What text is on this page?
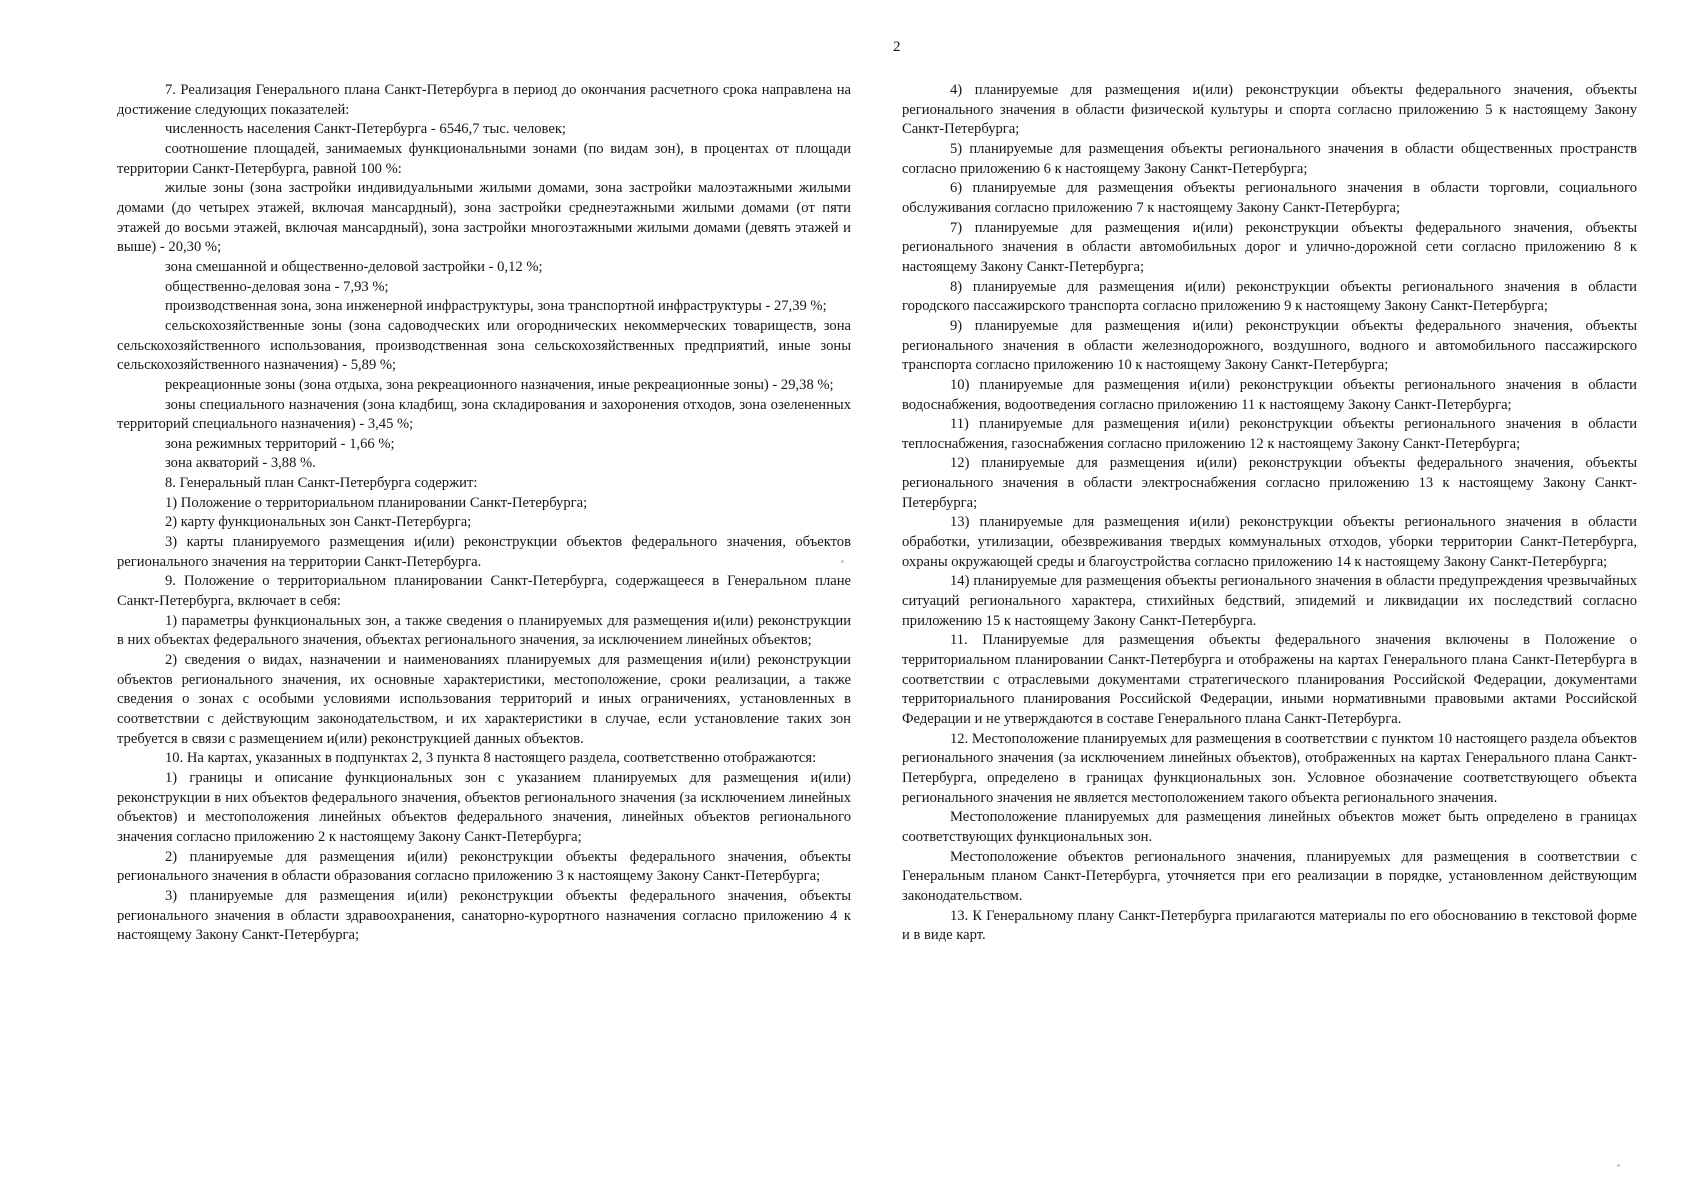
2

7. Реализация Генерального плана Санкт-Петербурга в период до окончания расчетного срока направлена на достижение следующих показателей:

численность населения Санкт-Петербурга - 6546,7 тыс. человек;

соотношение площадей, занимаемых функциональными зонами (по видам зон), в процентах от площади территории Санкт-Петербурга, равной 100 %:

жилые зоны (зона застройки индивидуальными жилыми домами, зона застройки малоэтажными жилыми домами (до четырех этажей, включая мансардный), зона застройки среднеэтажными жилыми домами (от пяти этажей до восьми этажей, включая мансардный), зона застройки многоэтажными жилыми домами (девять этажей и выше) - 20,30 %;

зона смешанной и общественно-деловой застройки - 0,12 %;

общественно-деловая зона - 7,93 %;

производственная зона, зона инженерной инфраструктуры, зона транспортной инфраструктуры - 27,39 %;

сельскохозяйственные зоны (зона садоводческих или огороднических некоммерческих товариществ, зона сельскохозяйственного использования, производственная зона сельскохозяйственных предприятий, иные зоны сельскохозяйственного назначения) - 5,89 %;

рекреационные зоны (зона отдыха, зона рекреационного назначения, иные рекреационные зоны) - 29,38 %;

зоны специального назначения (зона кладбищ, зона складирования и захоронения отходов, зона озелененных территорий специального назначения) - 3,45 %;

зона режимных территорий - 1,66 %;

зона акваторий - 3,88 %.

8. Генеральный план Санкт-Петербурга содержит:

1) Положение о территориальном планировании Санкт-Петербурга;

2) карту функциональных зон Санкт-Петербурга;

3) карты планируемого размещения и(или) реконструкции объектов федерального значения, объектов регионального значения на территории Санкт-Петербурга.

9. Положение о территориальном планировании Санкт-Петербурга, содержащееся в Генеральном плане Санкт-Петербурга, включает в себя:

1) параметры функциональных зон, а также сведения о планируемых для размещения и(или) реконструкции в них объектах федерального значения, объектах регионального значения, за исключением линейных объектов;

2) сведения о видах, назначении и наименованиях планируемых для размещения и(или) реконструкции объектов регионального значения, их основные характеристики, местоположение, сроки реализации, а также сведения о зонах с особыми условиями использования территорий и иных ограничениях, установленных в соответствии с действующим законодательством, и их характеристики в случае, если установление таких зон требуется в связи с размещением и(или) реконструкцией данных объектов.

10. На картах, указанных в подпунктах 2, 3 пункта 8 настоящего раздела, соответственно отображаются:

1) границы и описание функциональных зон с указанием планируемых для размещения и(или) реконструкции в них объектов федерального значения, объектов регионального значения (за исключением линейных объектов) и местоположения линейных объектов федерального значения, линейных объектов регионального значения согласно приложению 2 к настоящему Закону Санкт-Петербурга;

2) планируемые для размещения и(или) реконструкции объекты федерального значения, объекты регионального значения в области образования согласно приложению 3 к настоящему Закону Санкт-Петербурга;

3) планируемые для размещения и(или) реконструкции объекты федерального значения, объекты регионального значения в области здравоохранения, санаторно-курортного назначения согласно приложению 4 к настоящему Закону Санкт-Петербурга;

4) планируемые для размещения и(или) реконструкции объекты федерального значения, объекты регионального значения в области физической культуры и спорта согласно приложению 5 к настоящему Закону Санкт-Петербурга;

5) планируемые для размещения объекты регионального значения в области общественных пространств согласно приложению 6 к настоящему Закону Санкт-Петербурга;

6) планируемые для размещения объекты регионального значения в области торговли, социального обслуживания согласно приложению 7 к настоящему Закону Санкт-Петербурга;

7) планируемые для размещения и(или) реконструкции объекты федерального значения, объекты регионального значения в области автомобильных дорог и улично-дорожной сети согласно приложению 8 к настоящему Закону Санкт-Петербурга;

8) планируемые для размещения и(или) реконструкции объекты регионального значения в области городского пассажирского транспорта согласно приложению 9 к настоящему Закону Санкт-Петербурга;

9) планируемые для размещения и(или) реконструкции объекты федерального значения, объекты регионального значения в области железнодорожного, воздушного, водного и автомобильного пассажирского транспорта согласно приложению 10 к настоящему Закону Санкт-Петербурга;

10) планируемые для размещения и(или) реконструкции объекты регионального значения в области водоснабжения, водоотведения согласно приложению 11 к настоящему Закону Санкт-Петербурга;

11) планируемые для размещения и(или) реконструкции объекты регионального значения в области теплоснабжения, газоснабжения согласно приложению 12 к настоящему Закону Санкт-Петербурга;

12) планируемые для размещения и(или) реконструкции объекты федерального значения, объекты регионального значения в области электроснабжения согласно приложению 13 к настоящему Закону Санкт-Петербурга;

13) планируемые для размещения и(или) реконструкции объекты регионального значения в области обработки, утилизации, обезвреживания твердых коммунальных отходов, уборки территории Санкт-Петербурга, охраны окружающей среды и благоустройства согласно приложению 14 к настоящему Закону Санкт-Петербурга;

14) планируемые для размещения объекты регионального значения в области предупреждения чрезвычайных ситуаций регионального характера, стихийных бедствий, эпидемий и ликвидации их последствий согласно приложению 15 к настоящему Закону Санкт-Петербурга.

11. Планируемые для размещения объекты федерального значения включены в Положение о территориальном планировании Санкт-Петербурга и отображены на картах Генерального плана Санкт-Петербурга в соответствии с отраслевыми документами стратегического планирования Российской Федерации, документами территориального планирования Российской Федерации, иными нормативными правовыми актами Российской Федерации и не утверждаются в составе Генерального плана Санкт-Петербурга.

12. Местоположение планируемых для размещения в соответствии с пунктом 10 настоящего раздела объектов регионального значения (за исключением линейных объектов), отображенных на картах Генерального плана Санкт-Петербурга, определено в границах функциональных зон. Условное обозначение соответствующего объекта регионального значения не является местоположением такого объекта регионального значения.

Местоположение планируемых для размещения линейных объектов может быть определено в границах соответствующих функциональных зон.

Местоположение объектов регионального значения, планируемых для размещения в соответствии с Генеральным планом Санкт-Петербурга, уточняется при его реализации в порядке, установленном действующим законодательством.

13. К Генеральному плану Санкт-Петербурга прилагаются материалы по его обоснованию в текстовой форме и в виде карт.
